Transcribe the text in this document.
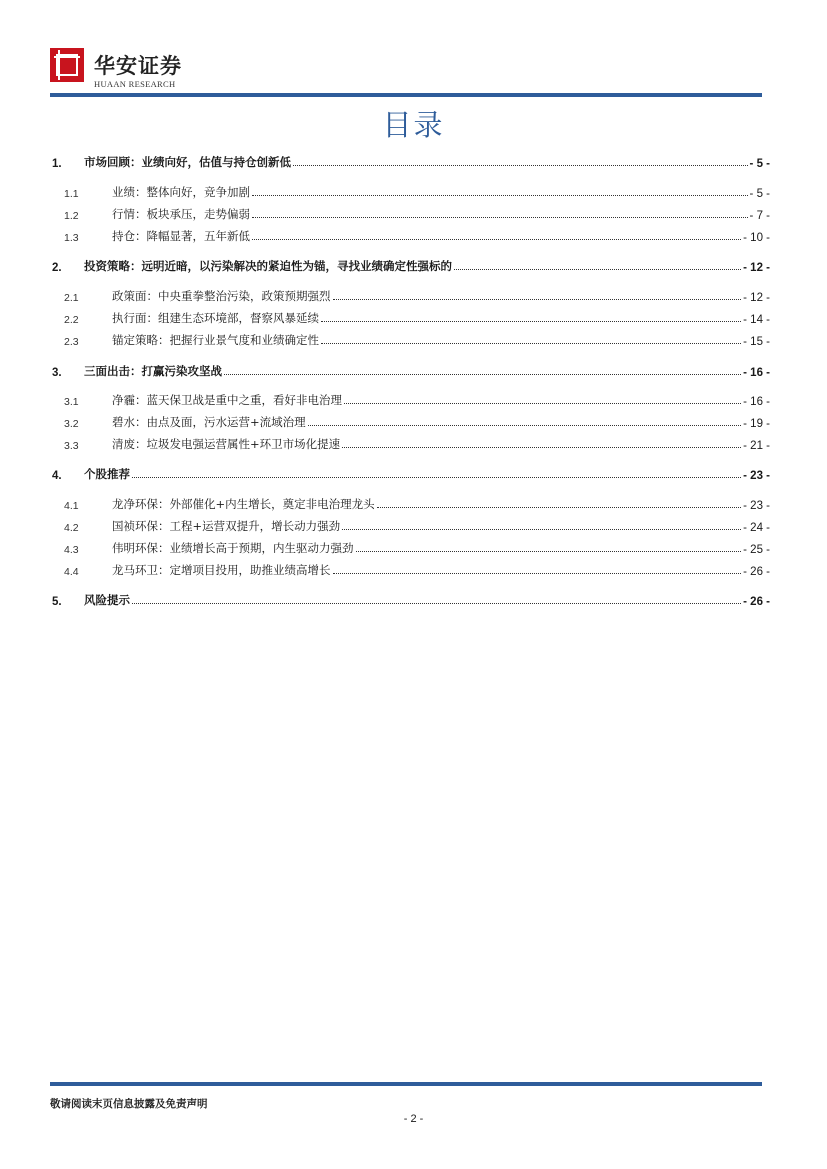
华安证券
HUAAN RESEARCH
目录
1.	市场回顾：业绩向好，估值与持仓创新低	- 5 -
1.1	业绩：整体向好，竞争加剧	- 5 -
1.2	行情：板块承压，走势偏弱	- 7 -
1.3	持仓：降幅显著，五年新低	- 10 -
2.	投资策略：远明近暗，以污染解决的紧迫性为锚，寻找业绩确定性强标的	- 12 -
2.1	政策面：中央重拳整治污染，政策预期强烈	- 12 -
2.2	执行面：组建生态环境部，督察风暴延续	- 14 -
2.3	锚定策略：把握行业景气度和业绩确定性	- 15 -
3.	三面出击：打赢污染攻坚战	- 16 -
3.1	净霾：蓝天保卫战是重中之重，看好非电治理	- 16 -
3.2	碧水：由点及面，污水运营+流域治理	- 19 -
3.3	清废：垃圾发电强运营属性+环卫市场化提速	- 21 -
4.	个股推荐	- 23 -
4.1	龙净环保：外部催化+内生增长，奠定非电治理龙头	- 23 -
4.2	国祯环保：工程+运营双提升，增长动力强劲	- 24 -
4.3	伟明环保：业绩增长高于预期，内生驱动力强劲	- 25 -
4.4	龙马环卫：定增项目投用，助推业绩高增长	- 26 -
5.	风险提示	- 26 -
敬请阅读末页信息披露及免责声明
- 2 -
